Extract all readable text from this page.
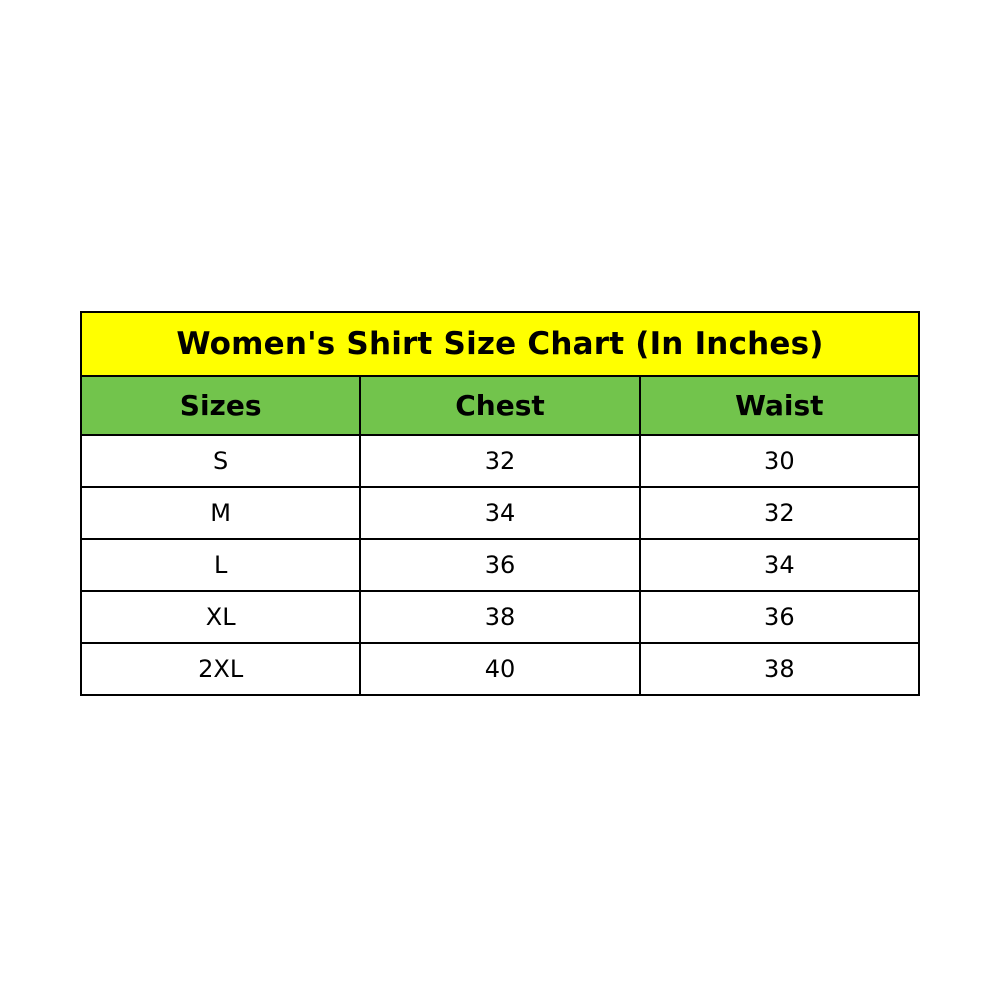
Women's Shirt Size Chart (In Inches)		
Sizes	Chest	Waist
S	32	30
M	34	32
L	36	34
XL	38	36
2XL	40	38
